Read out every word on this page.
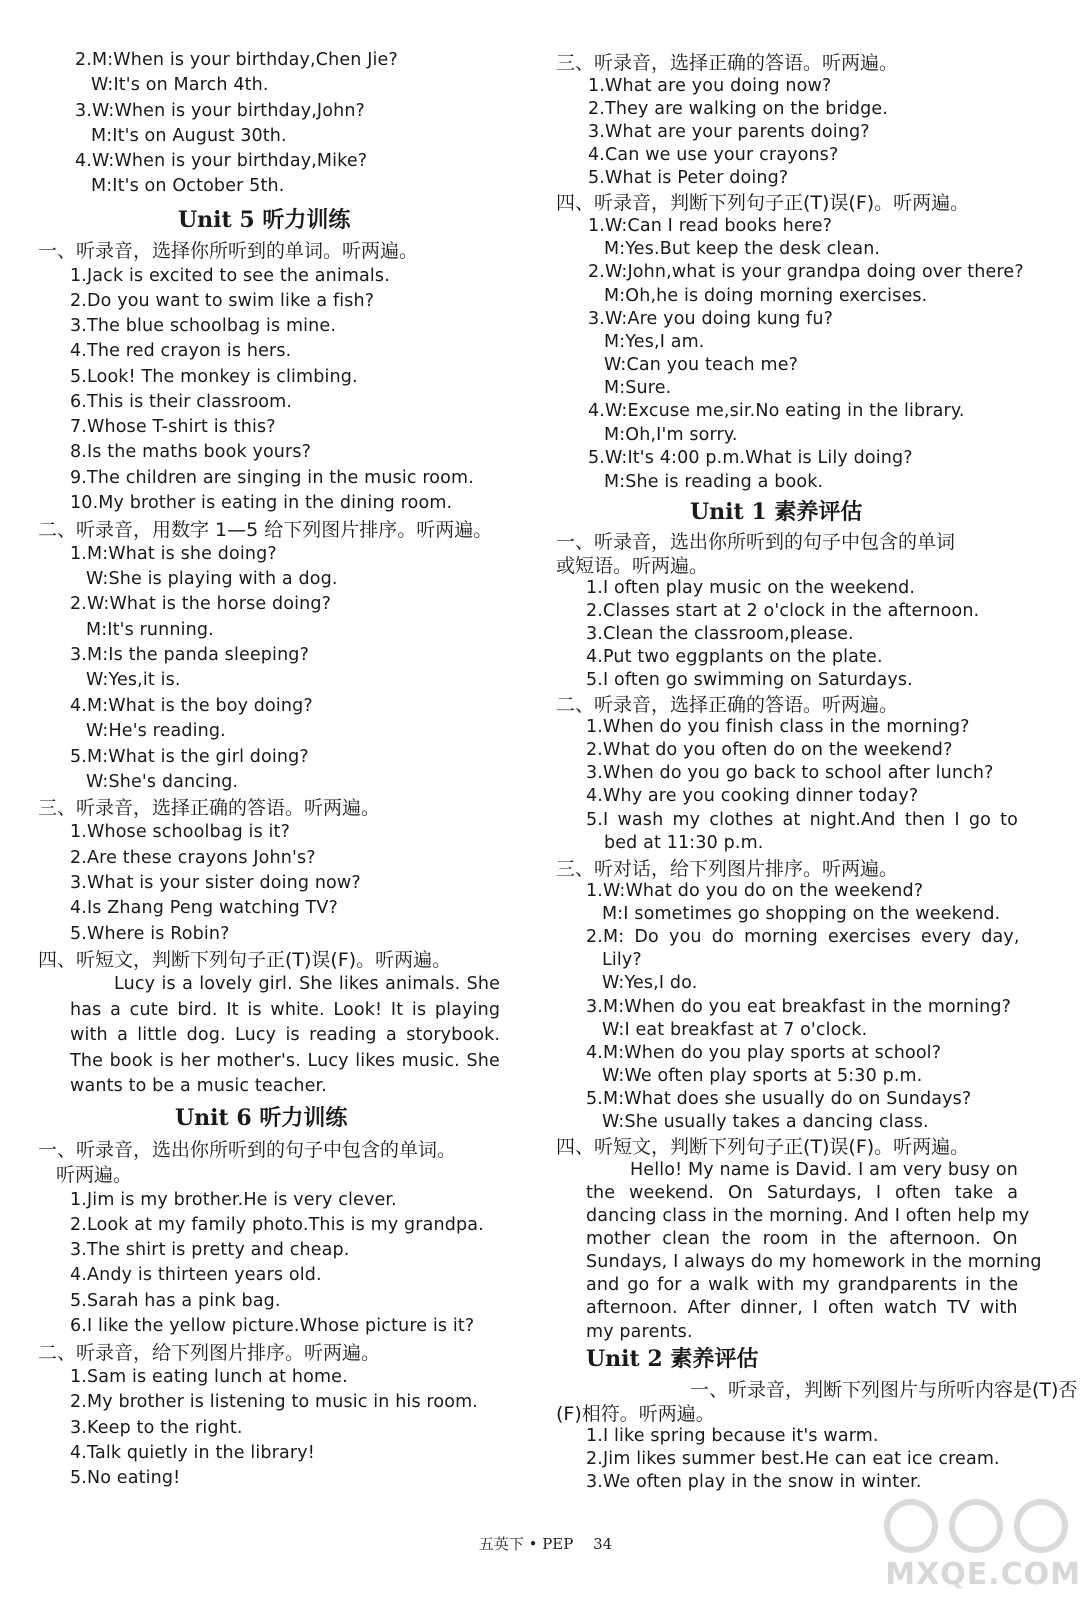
2.M:When is your birthday,Chen Jie?
W:It's on March 4th.
3.W:When is your birthday,John?
M:It's on August 30th.
4.W:When is your birthday,Mike?
M:It's on October 5th.
Unit 5 听力训练
一、听录音，选择你所听到的单词。听两遍。
1.Jack is excited to see the animals.
2.Do you want to swim like a fish?
3.The blue schoolbag is mine.
4.The red crayon is hers.
5.Look! The monkey is climbing.
6.This is their classroom.
7.Whose T-shirt is this?
8.Is the maths book yours?
9.The children are singing in the music room.
10.My brother is eating in the dining room.
二、听录音，用数字 1—5 给下列图片排序。听两遍。
1.M:What is she doing?
W:She is playing with a dog.
2.W:What is the horse doing?
M:It's running.
3.M:Is the panda sleeping?
W:Yes,it is.
4.M:What is the boy doing?
W:He's reading.
5.M:What is the girl doing?
W:She's dancing.
三、听录音，选择正确的答语。听两遍。
1.Whose schoolbag is it?
2.Are these crayons John's?
3.What is your sister doing now?
4.Is Zhang Peng watching TV?
5.Where is Robin?
四、听短文，判断下列句子正(T)误(F)。听两遍。
Lucy is a lovely girl. She likes animals. She
has a cute bird. It is white. Look! It is playing
with a little dog. Lucy is reading a storybook.
The book is her mother's. Lucy likes music. She
wants to be a music teacher.
Unit 6 听力训练
一、听录音，选出你所听到的句子中包含的单词。
听两遍。
1.Jim is my brother.He is very clever.
2.Look at my family photo.This is my grandpa.
3.The shirt is pretty and cheap.
4.Andy is thirteen years old.
5.Sarah has a pink bag.
6.I like the yellow picture.Whose picture is it?
二、听录音，给下列图片排序。听两遍。
1.Sam is eating lunch at home.
2.My brother is listening to music in his room.
3.Keep to the right.
4.Talk quietly in the library!
5.No eating!
三、听录音，选择正确的答语。听两遍。
1.What are you doing now?
2.They are walking on the bridge.
3.What are your parents doing?
4.Can we use your crayons?
5.What is Peter doing?
四、听录音，判断下列句子正(T)误(F)。听两遍。
1.W:Can I read books here?
M:Yes.But keep the desk clean.
2.W:John,what is your grandpa doing over there?
M:Oh,he is doing morning exercises.
3.W:Are you doing kung fu?
M:Yes,I am.
W:Can you teach me?
M:Sure.
4.W:Excuse me,sir.No eating in the library.
M:Oh,I'm sorry.
5.W:It's 4:00 p.m.What is Lily doing?
M:She is reading a book.
Unit 1 素养评估
一、听录音，选出你所听到的句子中包含的单词
或短语。听两遍。
1.I often play music on the weekend.
2.Classes start at 2 o'clock in the afternoon.
3.Clean the classroom,please.
4.Put two eggplants on the plate.
5.I often go swimming on Saturdays.
二、听录音，选择正确的答语。听两遍。
1.When do you finish class in the morning?
2.What do you often do on the weekend?
3.When do you go back to school after lunch?
4.Why are you cooking dinner today?
5.I wash my clothes at night.And then I go to
bed at 11:30 p.m.
三、听对话，给下列图片排序。听两遍。
1.W:What do you do on the weekend?
M:I sometimes go shopping on the weekend.
2.M: Do you do morning exercises every day,
Lily?
W:Yes,I do.
3.M:When do you eat breakfast in the morning?
W:I eat breakfast at 7 o'clock.
4.M:When do you play sports at school?
W:We often play sports at 5:30 p.m.
5.M:What does she usually do on Sundays?
W:She usually takes a dancing class.
四、听短文，判断下列句子正(T)误(F)。听两遍。
Hello! My name is David. I am very busy on
the weekend. On Saturdays, I often take a
dancing class in the morning. And I often help my
mother clean the room in the afternoon. On
Sundays, I always do my homework in the morning
and go for a walk with my grandparents in the
afternoon. After dinner, I often watch TV with
my parents.
Unit 2 素养评估
一、听录音，判断下列图片与所听内容是(T)否
(F)相符。听两遍。
1.I like spring because it's warm.
2.Jim likes summer best.He can eat ice cream.
3.We often play in the snow in winter.
五英下 • PEP　 34
MXQE.COM
